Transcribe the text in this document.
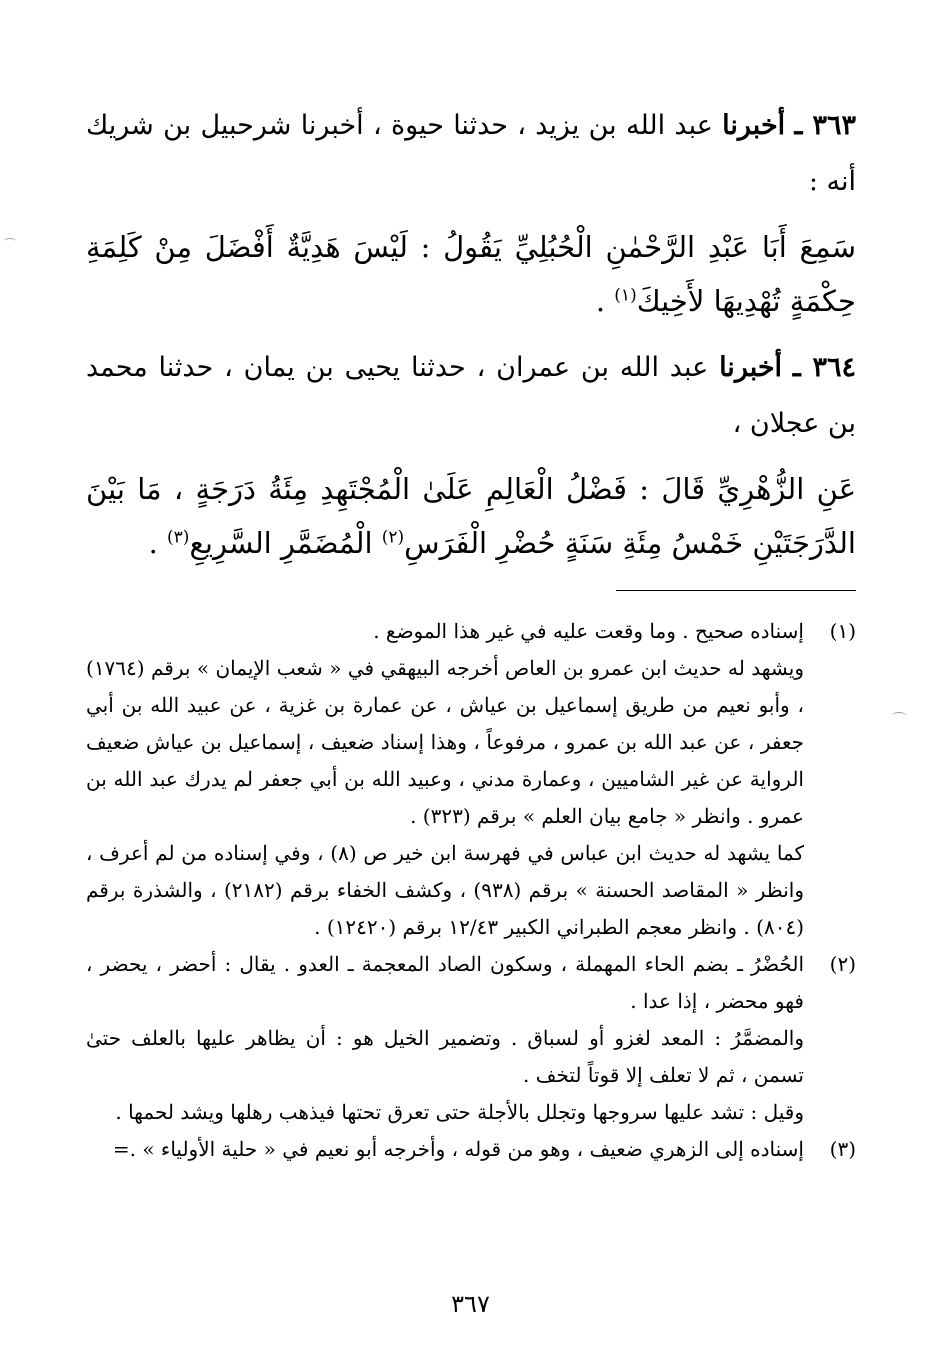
٣٦٣ ـ أخبرنا عبد الله بن يزيد ، حدثنا حيوة ، أخبرنا شرحبيل بن شريك أنه :

سَمِعَ أَبَا عَبْدِ الرَّحْمٰنِ الْحُبُلِيِّ يَقُولُ : لَيْسَ هَدِيَّةٌ أَفْضَلَ مِنْ كَلِمَةِ حِكْمَةٍ تُهْدِيهَا لأَخِيكَ$^{(١)}$ .

٣٦٤ ـ أخبرنا عبد الله بن عمران ، حدثنا يحيى بن يمان ، حدثنا محمد بن عجلان ،

عَنِ الزُّهْرِيِّ قَالَ : فَضْلُ الْعَالِمِ عَلَىٰ الْمُجْتَهِدِ مِئَةُ دَرَجَةٍ ، مَا بَيْنَ الدَّرَجَتَيْنِ خَمْسُ مِئَةِ سَنَةٍ حُضْرِ الْفَرَسِ$^{(٢)}$ الْمُضَمَّرِ السَّرِيعِ$^{(٣)}$ .

(١)

إسناده صحيح . وما وقعت عليه في غير هذا الموضع .

ويشهد له حديث ابن عمرو بن العاص أخرجه البيهقي في « شعب الإيمان » برقم (١٧٦٤) ، وأبو نعيم من طريق إسماعيل بن عياش ، عن عمارة بن غزية ، عن عبيد الله بن أبي جعفر ، عن عبد الله بن عمرو ، مرفوعاً ، وهذا إسناد ضعيف ، إسماعيل بن عياش ضعيف الرواية عن غير الشاميين ، وعمارة مدني ، وعبيد الله بن أبي جعفر لم يدرك عبد الله بن عمرو . وانظر « جامع بيان العلم » برقم (٣٢٣) .

كما يشهد له حديث ابن عباس في فهرسة ابن خير ص (٨) ، وفي إسناده من لم أعرف ، وانظر « المقاصد الحسنة » برقم (٩٣٨) ، وكشف الخفاء برقم (٢١٨٢) ، والشذرة برقم (٨٠٤) . وانظر معجم الطبراني الكبير ١٢/٤٣ برقم (١٢٤٢٠) .

(٢)

الحُضْرُ ـ بضم الحاء المهملة ، وسكون الصاد المعجمة ـ العدو . يقال : أحضر ، يحضر ، فهو محضر ، إذا عدا .

والمضمَّرُ : المعد لغزو أو لسباق . وتضمير الخيل هو : أن يظاهر عليها بالعلف حتىٰ تسمن ، ثم لا تعلف إلا قوتاً لتخف .

وقيل : تشد عليها سروجها وتجلل بالأجلة حتى تعرق تحتها فيذهب رهلها ويشد لحمها .

(٣)

إسناده إلى الزهري ضعيف ، وهو من قوله ، وأخرجه أبو نعيم في « حلية الأولياء » .=

٣٦٧
